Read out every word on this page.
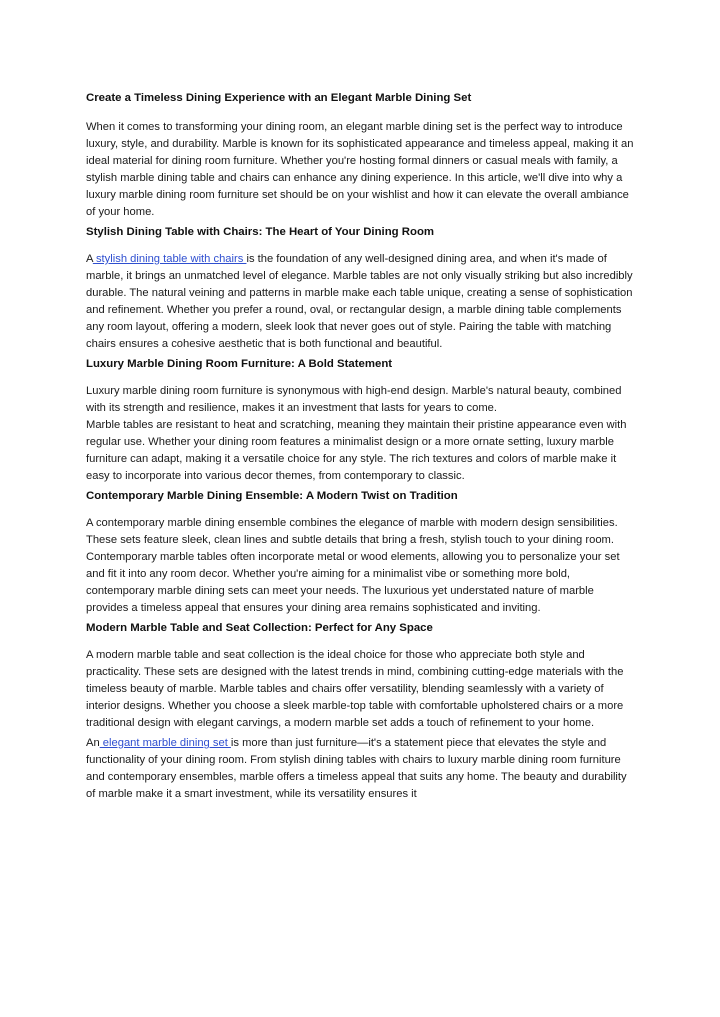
Create a Timeless Dining Experience with an Elegant Marble Dining Set

When it comes to transforming your dining room, an elegant marble dining set is the perfect way to introduce luxury, style, and durability. Marble is known for its sophisticated appearance and timeless appeal, making it an ideal material for dining room furniture. Whether you're hosting formal dinners or casual meals with family, a stylish marble dining table and chairs can enhance any dining experience. In this article, we'll dive into why a luxury marble dining room furniture set should be on your wishlist and how it can elevate the overall ambiance of your home.

Stylish Dining Table with Chairs: The Heart of Your Dining Room

A stylish dining table with chairs is the foundation of any well-designed dining area, and when it's made of marble, it brings an unmatched level of elegance. Marble tables are not only visually striking but also incredibly durable. The natural veining and patterns in marble make each table unique, creating a sense of sophistication and refinement. Whether you prefer a round, oval, or rectangular design, a marble dining table complements any room layout, offering a modern, sleek look that never goes out of style. Pairing the table with matching chairs ensures a cohesive aesthetic that is both functional and beautiful.

Luxury Marble Dining Room Furniture: A Bold Statement

Luxury marble dining room furniture is synonymous with high-end design. Marble's natural beauty, combined with its strength and resilience, makes it an investment that lasts for years to come.

Marble tables are resistant to heat and scratching, meaning they maintain their pristine appearance even with regular use. Whether your dining room features a minimalist design or a more ornate setting, luxury marble furniture can adapt, making it a versatile choice for any style. The rich textures and colors of marble make it easy to incorporate into various decor themes, from contemporary to classic.

Contemporary Marble Dining Ensemble: A Modern Twist on Tradition

A contemporary marble dining ensemble combines the elegance of marble with modern design sensibilities. These sets feature sleek, clean lines and subtle details that bring a fresh, stylish touch to your dining room. Contemporary marble tables often incorporate metal or wood elements, allowing you to personalize your set and fit it into any room decor. Whether you're aiming for a minimalist vibe or something more bold, contemporary marble dining sets can meet your needs. The luxurious yet understated nature of marble provides a timeless appeal that ensures your dining area remains sophisticated and inviting.

Modern Marble Table and Seat Collection: Perfect for Any Space

A modern marble table and seat collection is the ideal choice for those who appreciate both style and practicality. These sets are designed with the latest trends in mind, combining cutting-edge materials with the timeless beauty of marble. Marble tables and chairs offer versatility, blending seamlessly with a variety of interior designs. Whether you choose a sleek marble-top table with comfortable upholstered chairs or a more traditional design with elegant carvings, a modern marble set adds a touch of refinement to your home.

An elegant marble dining set is more than just furniture—it's a statement piece that elevates the style and functionality of your dining room. From stylish dining tables with chairs to luxury marble dining room furniture and contemporary ensembles, marble offers a timeless appeal that suits any home. The beauty and durability of marble make it a smart investment, while its versatility ensures it
